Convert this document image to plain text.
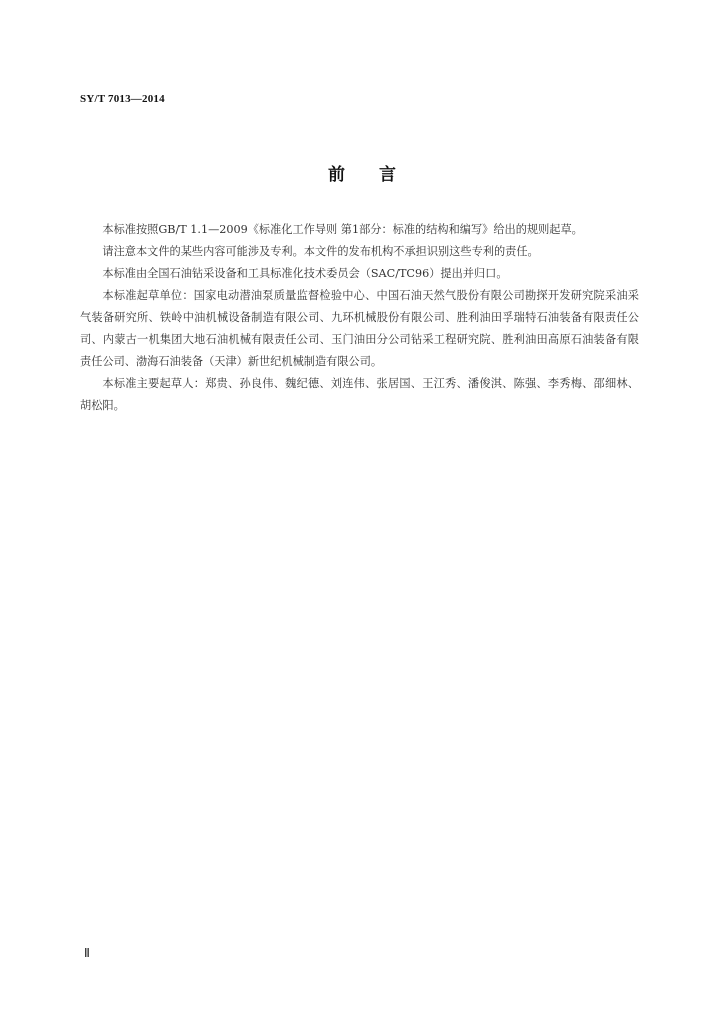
SY/T 7013—2014
前言

本标准按照GB/T 1.1—2009《标准化工作导则 第1部分：标准的结构和编写》给出的规则起草。

请注意本文件的某些内容可能涉及专利。本文件的发布机构不承担识别这些专利的责任。

本标准由全国石油钻采设备和工具标准化技术委员会（SAC/TC96）提出并归口。

本标准起草单位：国家电动潜油泵质量监督检验中心、中国石油天然气股份有限公司勘探开发研究院采油采气装备研究所、铁岭中油机械设备制造有限公司、九环机械股份有限公司、胜利油田孚瑞特石油装备有限责任公司、内蒙古一机集团大地石油机械有限责任公司、玉门油田分公司钻采工程研究院、胜利油田高原石油装备有限责任公司、渤海石油装备（天津）新世纪机械制造有限公司。

本标准主要起草人：郑贵、孙良伟、魏纪德、刘连伟、张居国、王江秀、潘俊淇、陈强、李秀梅、邵细林、胡松阳。

Ⅱ
